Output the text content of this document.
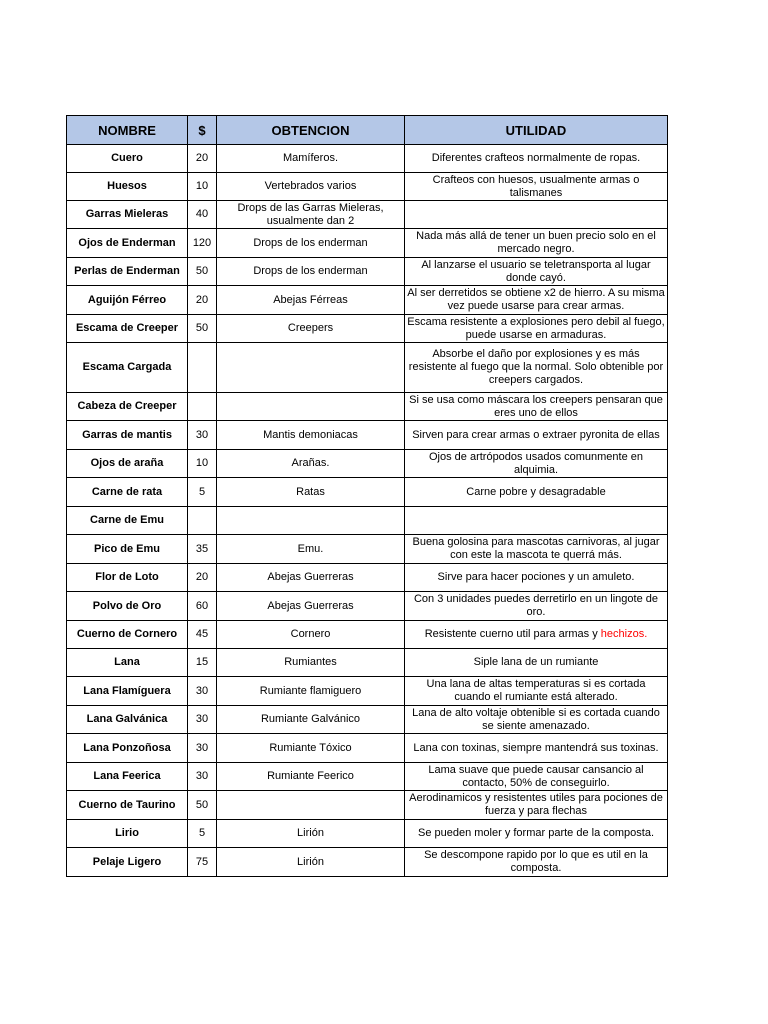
NOMBRE	$	OBTENCION	UTILIDAD
Cuero	20	Mamíferos.	Diferentes crafteos normalmente de ropas.
Huesos	10	Vertebrados varios	Crafteos con huesos, usualmente armas o talismanes
Garras Mieleras	40	Drops de las Garras Mieleras, usualmente dan 2	
Ojos de Enderman	120	Drops de los enderman	Nada más allá de tener un buen precio solo en el mercado negro.
Perlas de Enderman	50	Drops de los enderman	Al lanzarse el usuario se teletransporta al lugar donde cayó.
Aguijón Férreo	20	Abejas Férreas	Al ser derretidos se obtiene x2 de hierro. A su misma vez puede usarse para crear armas.
Escama de Creeper	50	Creepers	Escama resistente a explosiones pero debil al fuego, puede usarse en armaduras.
Escama Cargada			Absorbe el daño por explosiones y es más resistente al fuego que la normal. Solo obtenible por creepers cargados.
Cabeza de Creeper			Si se usa como máscara los creepers pensaran que eres uno de ellos
Garras de mantis	30	Mantis demoniacas	Sirven para crear armas o extraer pyronita de ellas
Ojos de araña	10	Arañas.	Ojos de artrópodos usados comunmente en alquimia.
Carne de rata	5	Ratas	Carne pobre y desagradable
Carne de Emu			
Pico de Emu	35	Emu.	Buena golosina para mascotas carnivoras, al jugar con este la mascota te querrá más.
Flor de Loto	20	Abejas Guerreras	Sirve para hacer pociones y un amuleto.
Polvo de Oro	60	Abejas Guerreras	Con 3 unidades puedes derretirlo en un lingote de oro.
Cuerno de Cornero	45	Cornero	Resistente cuerno util para armas y hechizos.
Lana	15	Rumiantes	Siple lana de un rumiante
Lana Flamíguera	30	Rumiante flamiguero	Una lana de altas temperaturas si es cortada cuando el rumiante está alterado.
Lana Galvánica	30	Rumiante Galvánico	Lana de alto voltaje obtenible si es cortada cuando se siente amenazado.
Lana Ponzoñosa	30	Rumiante Tóxico	Lana con toxinas, siempre mantendrá sus toxinas.
Lana Feerica	30	Rumiante Feerico	Lama suave que puede causar cansancio al contacto, 50% de conseguirlo.
Cuerno de Taurino	50		Aerodinamicos y resistentes utiles para pociones de fuerza y para flechas
Lirio	5	Lirión	Se pueden moler y formar parte de la composta.
Pelaje Ligero	75	Lirión	Se descompone rapido por lo que es util en la composta.
